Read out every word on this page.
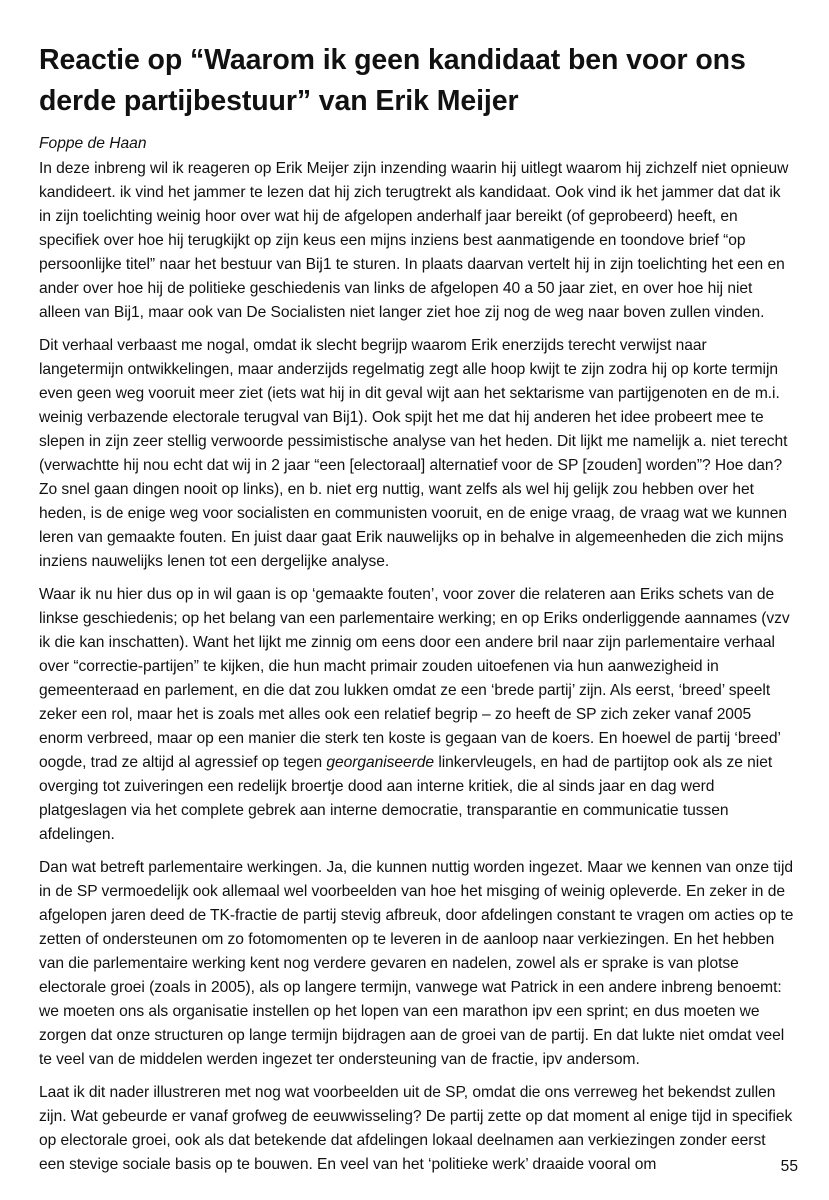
Reactie op “Waarom ik geen kandidaat ben voor ons derde partijbestuur” van Erik Meijer

Foppe de Haan

In deze inbreng wil ik reageren op Erik Meijer zijn inzending waarin hij uitlegt waarom hij zichzelf niet opnieuw kandideert. ik vind het jammer te lezen dat hij zich terugtrekt als kandidaat. Ook vind ik het jammer dat dat ik in zijn toelichting weinig hoor over wat hij de afgelopen anderhalf jaar bereikt (of geprobeerd) heeft, en specifiek over hoe hij terugkijkt op zijn keus een mijns inziens best aanmatigende en toondove brief “op persoonlijke titel” naar het bestuur van Bij1 te sturen. In plaats daarvan vertelt hij in zijn toelichting het een en ander over hoe hij de politieke geschiedenis van links de afgelopen 40 a 50 jaar ziet, en over hoe hij niet alleen van Bij1, maar ook van De Socialisten niet langer ziet hoe zij nog de weg naar boven zullen vinden.

Dit verhaal verbaast me nogal, omdat ik slecht begrijp waarom Erik enerzijds terecht verwijst naar langetermijn ontwikkelingen, maar anderzijds regelmatig zegt alle hoop kwijt te zijn zodra hij op korte termijn even geen weg vooruit meer ziet (iets wat hij in dit geval wijt aan het sektarisme van partijgenoten en de m.i. weinig verbazende electorale terugval van Bij1). Ook spijt het me dat hij anderen het idee probeert mee te slepen in zijn zeer stellig verwoorde pessimistische analyse van het heden. Dit lijkt me namelijk a. niet terecht (verwachtte hij nou echt dat wij in 2 jaar “een [electoraal] alternatief voor de SP [zouden] worden”? Hoe dan? Zo snel gaan dingen nooit op links), en b. niet erg nuttig, want zelfs als wel hij gelijk zou hebben over het heden, is de enige weg voor socialisten en communisten vooruit, en de enige vraag, de vraag wat we kunnen leren van gemaakte fouten. En juist daar gaat Erik nauwelijks op in behalve in algemeenheden die zich mijns inziens nauwelijks lenen tot een dergelijke analyse.

Waar ik nu hier dus op in wil gaan is op ‘gemaakte fouten’, voor zover die relateren aan Eriks schets van de linkse geschiedenis; op het belang van een parlementaire werking; en op Eriks onderliggende aannames (vzv ik die kan inschatten). Want het lijkt me zinnig om eens door een andere bril naar zijn parlementaire verhaal over “correctie-partijen” te kijken, die hun macht primair zouden uitoefenen via hun aanwezigheid in gemeenteraad en parlement, en die dat zou lukken omdat ze een ‘brede partij’ zijn. Als eerst, ‘breed’ speelt zeker een rol, maar het is zoals met alles ook een relatief begrip – zo heeft de SP zich zeker vanaf 2005 enorm verbreed, maar op een manier die sterk ten koste is gegaan van de koers. En hoewel de partij ‘breed’ oogde, trad ze altijd al agressief op tegen georganiseerde linkervleugels, en had de partijtop ook als ze niet overging tot zuiveringen een redelijk broertje dood aan interne kritiek, die al sinds jaar en dag werd platgeslagen via het complete gebrek aan interne democratie, transparantie en communicatie tussen afdelingen.

Dan wat betreft parlementaire werkingen. Ja, die kunnen nuttig worden ingezet. Maar we kennen van onze tijd in de SP vermoedelijk ook allemaal wel voorbeelden van hoe het misging of weinig opleverde. En zeker in de afgelopen jaren deed de TK-fractie de partij stevig afbreuk, door afdelingen constant te vragen om acties op te zetten of ondersteunen om zo fotomomenten op te leveren in de aanloop naar verkiezingen. En het hebben van die parlementaire werking kent nog verdere gevaren en nadelen, zowel als er sprake is van plotse electorale groei (zoals in 2005), als op langere termijn, vanwege wat Patrick in een andere inbreng benoemt: we moeten ons als organisatie instellen op het lopen van een marathon ipv een sprint; en dus moeten we zorgen dat onze structuren op lange termijn bijdragen aan de groei van de partij. En dat lukte niet omdat veel te veel van de middelen werden ingezet ter ondersteuning van de fractie, ipv andersom.

Laat ik dit nader illustreren met nog wat voorbeelden uit de SP, omdat die ons verreweg het bekendst zullen zijn. Wat gebeurde er vanaf grofweg de eeuwwisseling? De partij zette op dat moment al enige tijd in specifiek op electorale groei, ook als dat betekende dat afdelingen lokaal deelnamen aan verkiezingen zonder eerst een stevige sociale basis op te bouwen. En veel van het ‘politieke werk’ draaide vooral om	55
